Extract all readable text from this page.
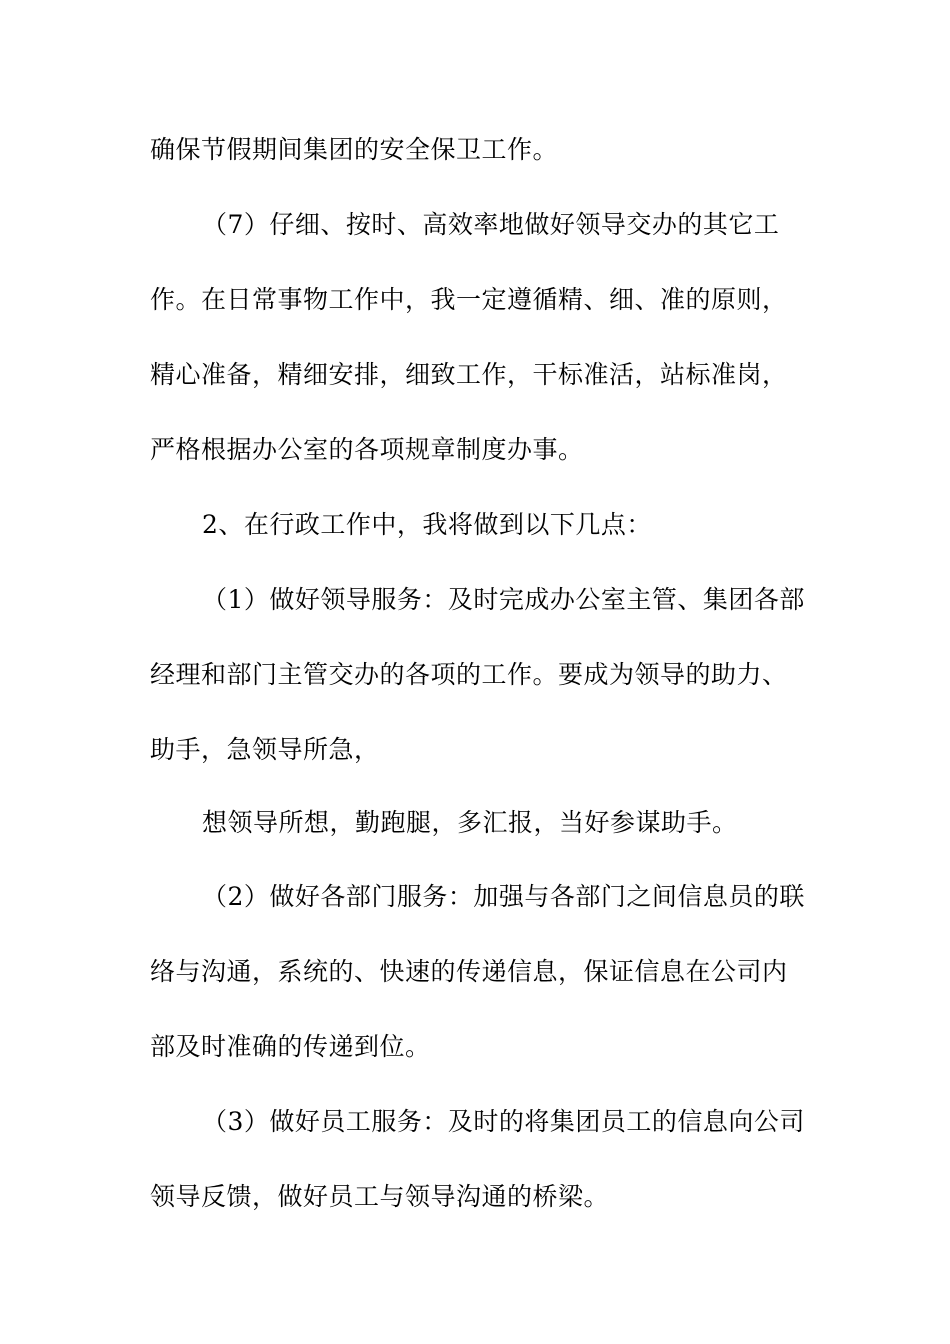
确保节假期间集团的安全保卫工作。
（7）仔细、按时、高效率地做好领导交办的其它工
作。在日常事物工作中，我一定遵循精、细、准的原则，
精心准备，精细安排，细致工作，干标准活，站标准岗，
严格根据办公室的各项规章制度办事。
2、在行政工作中，我将做到以下几点：
（1）做好领导服务：及时完成办公室主管、集团各部
经理和部门主管交办的各项的工作。要成为领导的助力、
助手，急领导所急，
想领导所想，勤跑腿，多汇报，当好参谋助手。
（2）做好各部门服务：加强与各部门之间信息员的联
络与沟通，系统的、快速的传递信息，保证信息在公司内
部及时准确的传递到位。
（3）做好员工服务：及时的将集团员工的信息向公司
领导反馈，做好员工与领导沟通的桥梁。
